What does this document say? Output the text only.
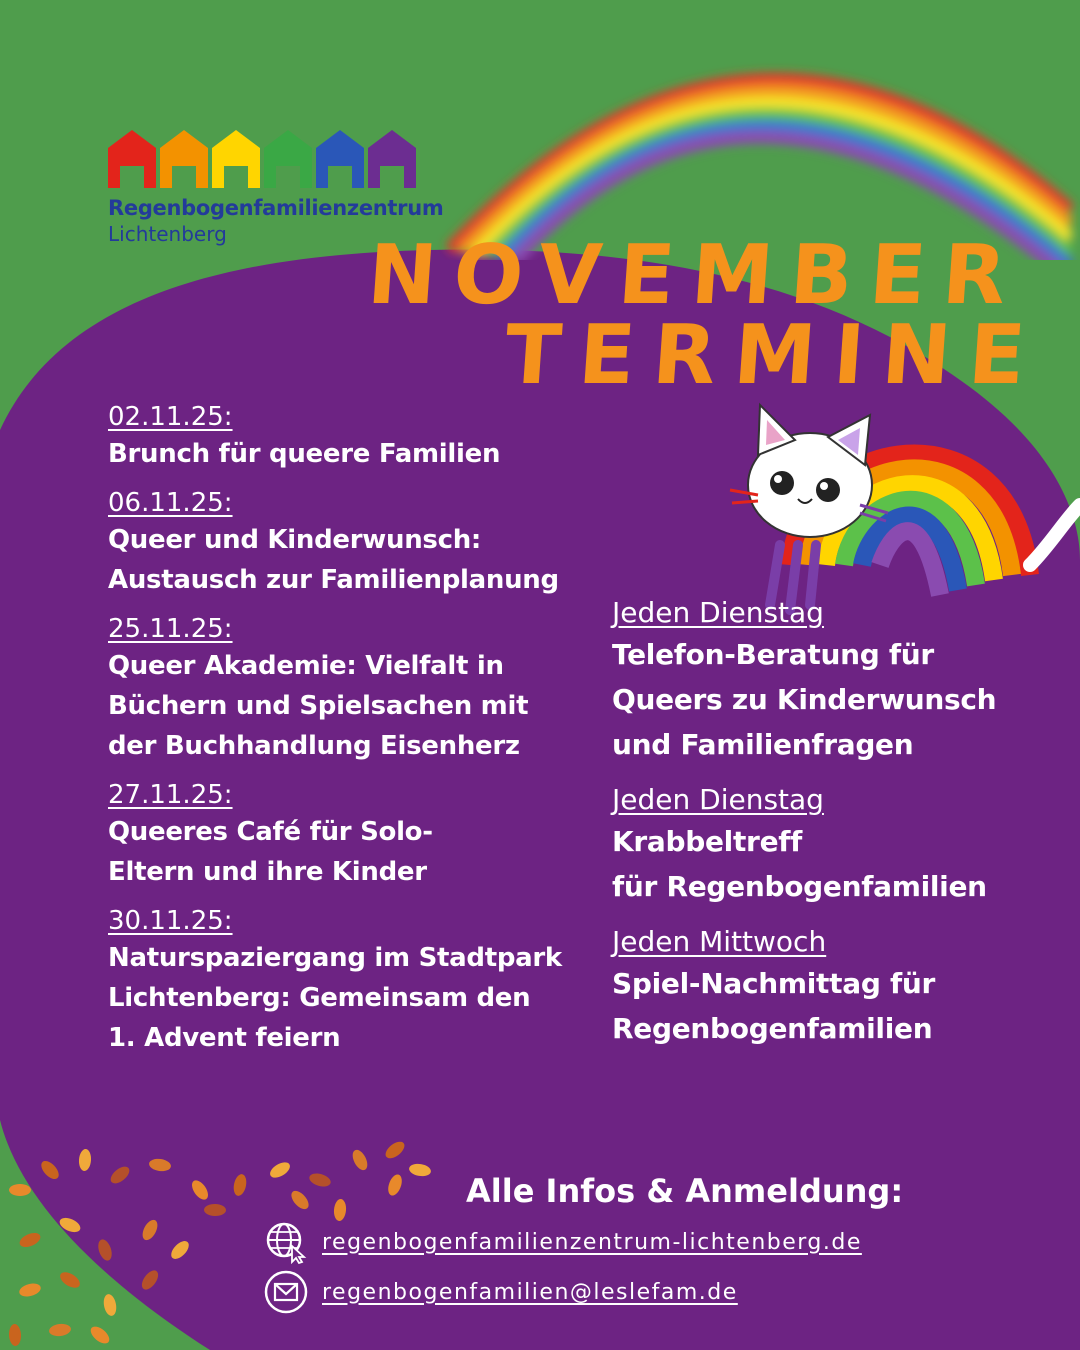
Regenbogenfamilienzentrum
Lichtenberg NOVEMBER
TERMINE
02.11.25:
Brunch für queere Familien
06.11.25:
Queer und Kinderwunsch:
Austausch zur Familienplanung
25.11.25:
Queer Akademie: Vielfalt in
Büchern und Spielsachen mit
der Buchhandlung Eisenherz
27.11.25:
Queeres Café für Solo-
Eltern und ihre Kinder
30.11.25:
Naturspaziergang im Stadtpark
Lichtenberg: Gemeinsam den
1. Advent feiern
Jeden Dienstag
Telefon-Beratung für
Queers zu Kinderwunsch
und Familienfragen
Jeden Dienstag
Krabbeltreff
für Regenbogenfamilien
Jeden Mittwoch
Spiel-Nachmittag für
Regenbogenfamilien
Alle Infos & Anmeldung:
regenbogenfamilienzentrum-lichtenberg.de
regenbogenfamilien@leslefam.de
